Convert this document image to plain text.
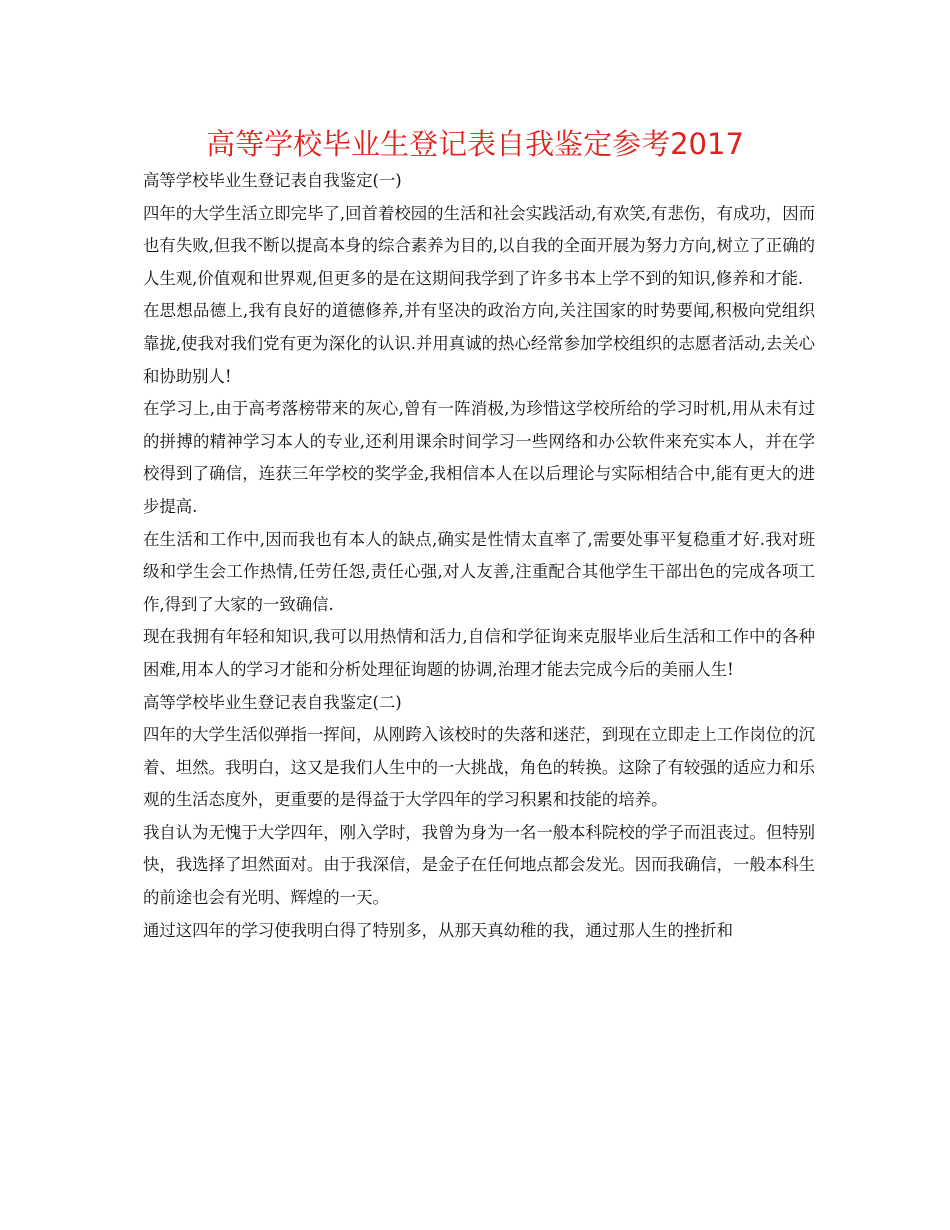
高等学校毕业生登记表自我鉴定参考2017
高等学校毕业生登记表自我鉴定(一)

四年的大学生活立即完毕了,回首着校园的生活和社会实践活动,有欢笑,有悲伤，有成功，因而也有失败,但我不断以提高本身的综合素养为目的,以自我的全面开展为努力方向,树立了正确的人生观,价值观和世界观,但更多的是在这期间我学到了许多书本上学不到的知识,修养和才能.

在思想品德上,我有良好的道德修养,并有坚决的政治方向,关注国家的时势要闻,积极向党组织靠拢,使我对我们党有更为深化的认识.并用真诚的热心经常参加学校组织的志愿者活动,去关心和协助别人!

在学习上,由于高考落榜带来的灰心,曾有一阵消极,为珍惜这学校所给的学习时机,用从未有过的拼搏的精神学习本人的专业,还利用课余时间学习一些网络和办公软件来充实本人，并在学校得到了确信，连获三年学校的奖学金,我相信本人在以后理论与实际相结合中,能有更大的进步提高.

在生活和工作中,因而我也有本人的缺点,确实是性情太直率了,需要处事平复稳重才好.我对班级和学生会工作热情,任劳任怨,责任心强,对人友善,注重配合其他学生干部出色的完成各项工作,得到了大家的一致确信.

现在我拥有年轻和知识,我可以用热情和活力,自信和学征询来克服毕业后生活和工作中的各种困难,用本人的学习才能和分析处理征询题的协调,治理才能去完成今后的美丽人生!

高等学校毕业生登记表自我鉴定(二)

四年的大学生活似弹指一挥间，从刚跨入该校时的失落和迷茫，到现在立即走上工作岗位的沉着、坦然。我明白，这又是我们人生中的一大挑战，角色的转换。这除了有较强的适应力和乐观的生活态度外，更重要的是得益于大学四年的学习积累和技能的培养。

我自认为无愧于大学四年，刚入学时，我曾为身为一名一般本科院校的学子而沮丧过。但特别快，我选择了坦然面对。由于我深信，是金子在任何地点都会发光。因而我确信，一般本科生的前途也会有光明、辉煌的一天。

通过这四年的学习使我明白得了特别多，从那天真幼稚的我，通过那人生的挫折和
